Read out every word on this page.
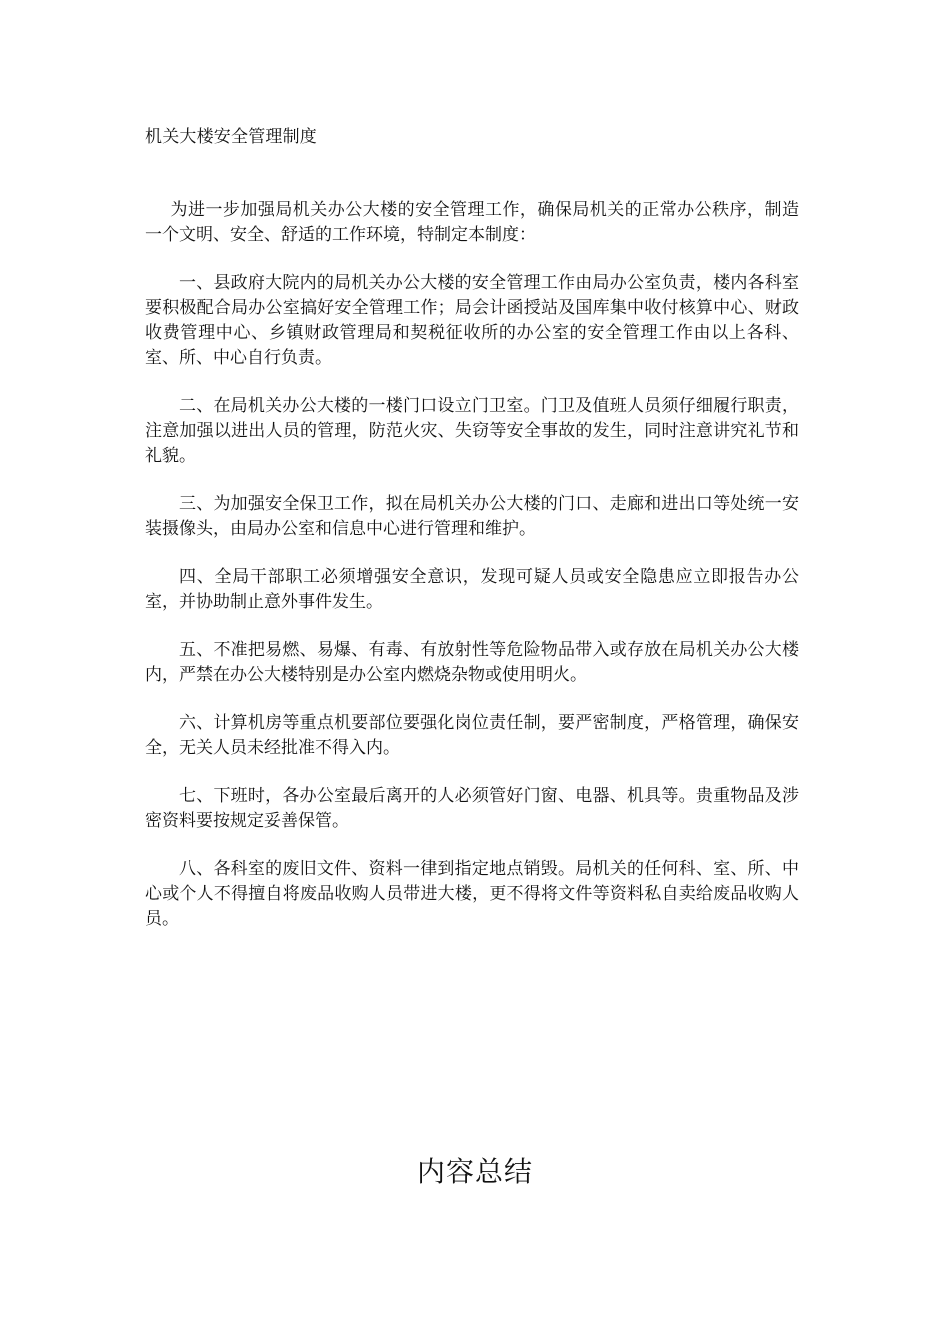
机关大楼安全管理制度

为进一步加强局机关办公大楼的安全管理工作，确保局机关的正常办公秩序，制造一个文明、安全、舒适的工作环境，特制定本制度：

一、县政府大院内的局机关办公大楼的安全管理工作由局办公室负责，楼内各科室要积极配合局办公室搞好安全管理工作；局会计函授站及国库集中收付核算中心、财政收费管理中心、乡镇财政管理局和契税征收所的办公室的安全管理工作由以上各科、室、所、中心自行负责。

二、在局机关办公大楼的一楼门口设立门卫室。门卫及值班人员须仔细履行职责，注意加强以进出人员的管理，防范火灾、失窃等安全事故的发生，同时注意讲究礼节和礼貌。

三、为加强安全保卫工作，拟在局机关办公大楼的门口、走廊和进出口等处统一安装摄像头，由局办公室和信息中心进行管理和维护。

四、全局干部职工必须增强安全意识，发现可疑人员或安全隐患应立即报告办公室，并协助制止意外事件发生。

五、不准把易燃、易爆、有毒、有放射性等危险物品带入或存放在局机关办公大楼内，严禁在办公大楼特别是办公室内燃烧杂物或使用明火。

六、计算机房等重点机要部位要强化岗位责任制，要严密制度，严格管理，确保安全，无关人员未经批准不得入内。

七、下班时，各办公室最后离开的人必须管好门窗、电器、机具等。贵重物品及涉密资料要按规定妥善保管。

八、各科室的废旧文件、资料一律到指定地点销毁。局机关的任何科、室、所、中心或个人不得擅自将废品收购人员带进大楼，更不得将文件等资料私自卖给废品收购人员。

内容总结
